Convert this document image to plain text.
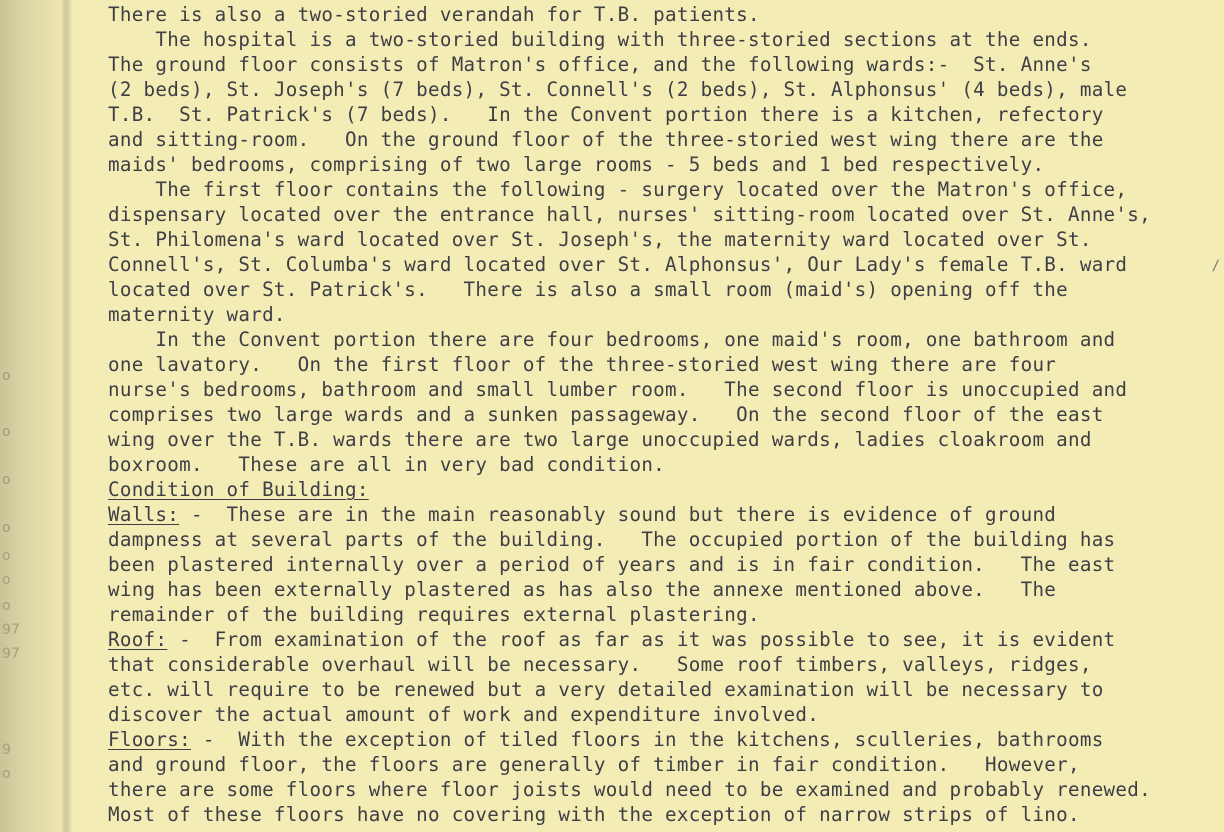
o
o
o
o
o
o
o
97
97
9
o
There is also a two-storied verandah for T.B. patients.
The hospital is a two-storied building with three-storied sections at the ends.
The ground floor consists of Matron's office, and the following wards:-  St. Anne's
(2 beds), St. Joseph's (7 beds), St. Connell's (2 beds), St. Alphonsus' (4 beds), male
T.B.  St. Patrick's (7 beds).   In the Convent portion there is a kitchen, refectory
and sitting-room.   On the ground floor of the three-storied west wing there are the
maids' bedrooms, comprising of two large rooms - 5 beds and 1 bed respectively.
The first floor contains the following - surgery located over the Matron's office,
dispensary located over the entrance hall, nurses' sitting-room located over St. Anne's,
St. Philomena's ward located over St. Joseph's, the maternity ward located over St.
Connell's, St. Columba's ward located over St. Alphonsus', Our Lady's female T.B. ward
located over St. Patrick's.   There is also a small room (maid's) opening off the
maternity ward.
In the Convent portion there are four bedrooms, one maid's room, one bathroom and
one lavatory.   On the first floor of the three-storied west wing there are four
nurse's bedrooms, bathroom and small lumber room.   The second floor is unoccupied and
comprises two large wards and a sunken passageway.   On the second floor of the east
wing over the T.B. wards there are two large unoccupied wards, ladies cloakroom and
boxroom.   These are all in very bad condition.
Condition of Building:
Walls: -  These are in the main reasonably sound but there is evidence of ground
dampness at several parts of the building.   The occupied portion of the building has
been plastered internally over a period of years and is in fair condition.   The east
wing has been externally plastered as has also the annexe mentioned above.   The
remainder of the building requires external plastering.
Roof: -  From examination of the roof as far as it was possible to see, it is evident
that considerable overhaul will be necessary.   Some roof timbers, valleys, ridges,
etc. will require to be renewed but a very detailed examination will be necessary to
discover the actual amount of work and expenditure involved.
Floors: -  With the exception of tiled floors in the kitchens, sculleries, bathrooms
and ground floor, the floors are generally of timber in fair condition.   However,
there are some floors where floor joists would need to be examined and probably renewed.
Most of these floors have no covering with the exception of narrow strips of lino.
∕
